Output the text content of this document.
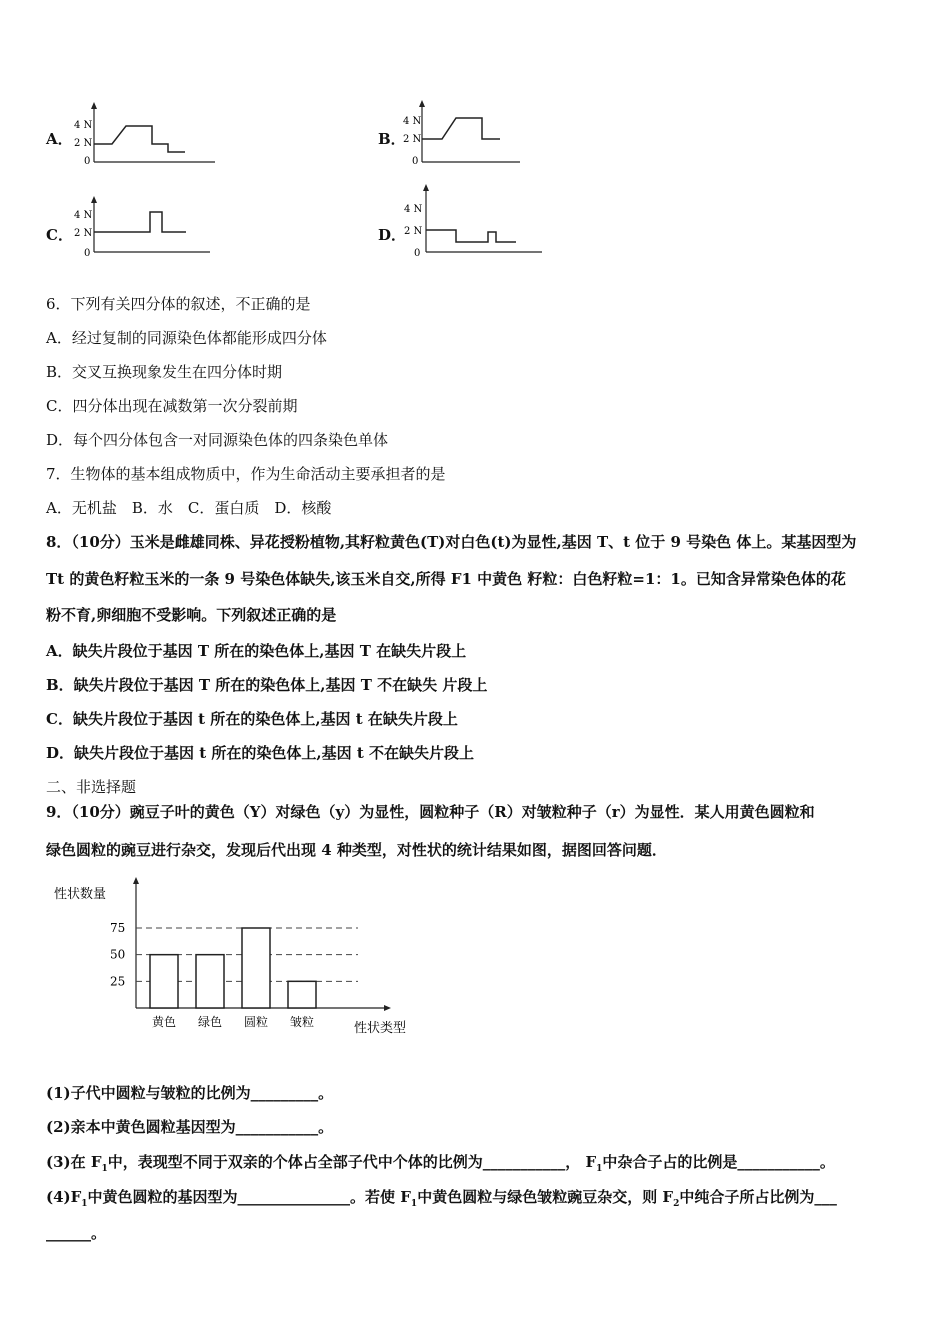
A．
4 N
2 N
0
B．
4 N
2 N
0
C．
4 N
2 N
0
D．
4 N
2 N
0
6．下列有关四分体的叙述，不正确的是
A．经过复制的同源染色体都能形成四分体
B．交叉互换现象发生在四分体时期
C．四分体出现在减数第一次分裂前期
D．每个四分体包含一对同源染色体的四条染色单体
7．生物体的基本组成物质中，作为生命活动主要承担者的是
A．无机盐　B．水　C．蛋白质　D．核酸
8．（10分）玉米是雌雄同株、异花授粉植物,其籽粒黄色(T)对白色(t)为显性,基因 T、t 位于 9 号染色 体上。某基因型为
Tt 的黄色籽粒玉米的一条 9 号染色体缺失,该玉米自交,所得 F1 中黄色 籽粒：白色籽粒=1：1。已知含异常染色体的花
粉不育,卵细胞不受影响。下列叙述正确的是
A．缺失片段位于基因 T 所在的染色体上,基因 T 在缺失片段上
B．缺失片段位于基因 T 所在的染色体上,基因 T 不在缺失 片段上
C．缺失片段位于基因 t 所在的染色体上,基因 t 在缺失片段上
D．缺失片段位于基因 t 所在的染色体上,基因 t 不在缺失片段上
二、非选择题
9．（10分）豌豆子叶的黄色（Y）对绿色（y）为显性，圆粒种子（R）对皱粒种子（r）为显性．某人用黄色圆粒和
绿色圆粒的豌豆进行杂交，发现后代出现 4 种类型，对性状的统计结果如图，据图回答问题．
性状数量
75
50
25
黄色 绿色 圆粒 皱粒	性状类型
(1)子代中圆粒与皱粒的比例为_________。
(2)亲本中黄色圆粒基因型为___________。
(3)在 $F_1$中，表现型不同于双亲的个体占全部子代中个体的比例为___________， $F_1$中杂合子占的比例是___________。
$(4)F_1$中黄色圆粒的基因型为_______________。若使 $F_1$中黄色圆粒与绿色皱粒豌豆杂交，则 $F_2$中纯合子所占比例为___
______。
